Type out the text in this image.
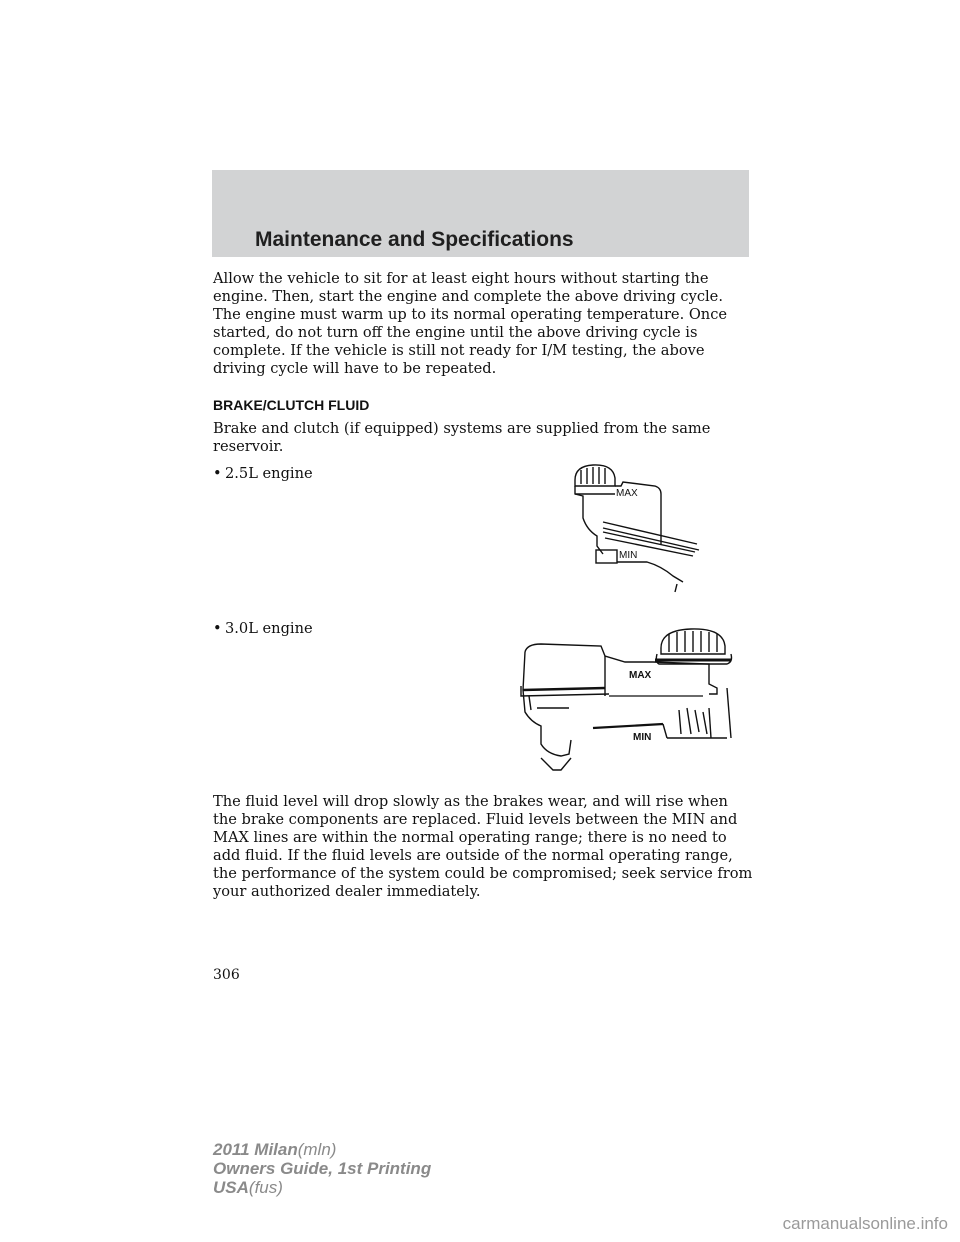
Maintenance and Specifications

Allow the vehicle to sit for at least eight hours without starting the engine. Then, start the engine and complete the above driving cycle. The engine must warm up to its normal operating temperature. Once started, do not turn off the engine until the above driving cycle is complete. If the vehicle is still not ready for I/M testing, the above driving cycle will have to be repeated.

BRAKE/CLUTCH FLUID

Brake and clutch (if equipped) systems are supplied from the same reservoir.

• 2.5L engine
MAX
MIN
• 3.0L engine
MAX
MIN

The fluid level will drop slowly as the brakes wear, and will rise when the brake components are replaced. Fluid levels between the MIN and MAX lines are within the normal operating range; there is no need to add fluid. If the fluid levels are outside of the normal operating range, the performance of the system could be compromised; seek service from your authorized dealer immediately.

306
2011 Milan(mln)
Owners Guide, 1st Printing
USA(fus)
carmanualsonline.info
